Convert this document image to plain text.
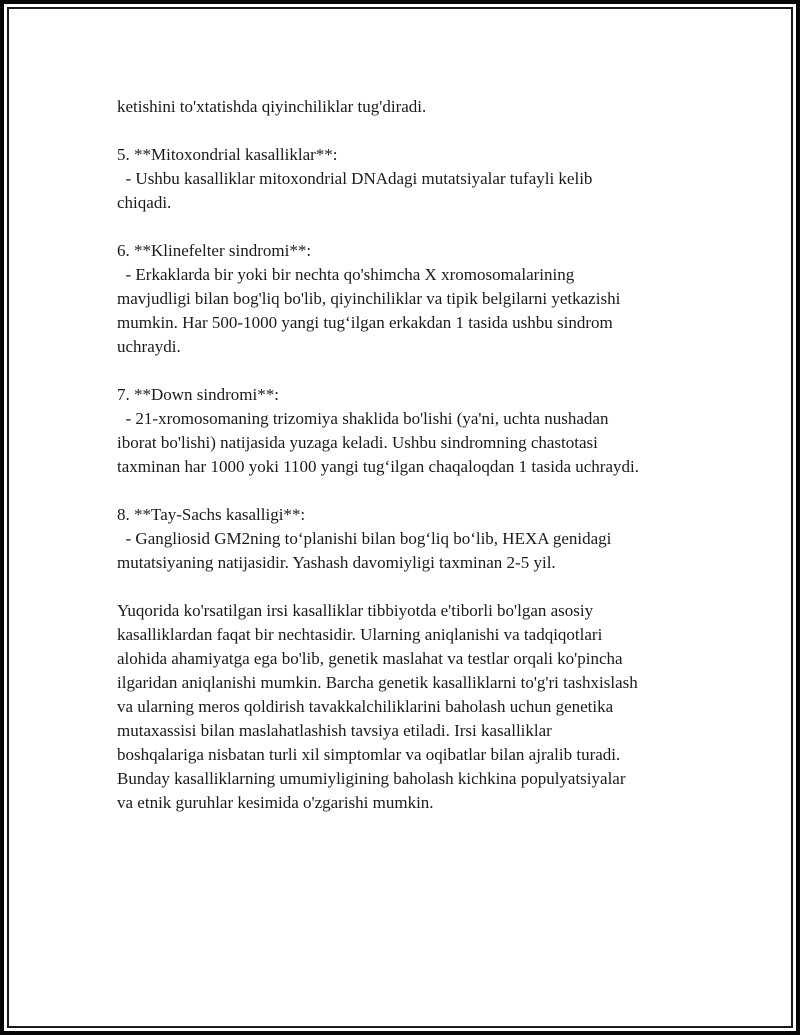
ketishini to'xtatishda qiyinchiliklar tug'diradi.
5. **Mitoxondrial kasalliklar**:
- Ushbu kasalliklar mitoxondrial DNAdagi mutatsiyalar tufayli kelib
chiqadi.
6. **Klinefelter sindromi**:
- Erkaklarda bir yoki bir nechta qo'shimcha X xromosomalarining
mavjudligi bilan bog'liq bo'lib, qiyinchiliklar va tipik belgilarni yetkazishi
mumkin. Har 500-1000 yangi tug‘ilgan erkakdan 1 tasida ushbu sindrom
uchraydi.
7. **Down sindromi**:
- 21-xromosomaning trizomiya shaklida bo'lishi (ya'ni, uchta nushadan
iborat bo'lishi) natijasida yuzaga keladi. Ushbu sindromning chastotasi
taxminan har 1000 yoki 1100 yangi tug‘ilgan chaqaloqdan 1 tasida uchraydi.
8. **Tay-Sachs kasalligi**:
- Gangliosid GM2ning to‘planishi bilan bog‘liq bo‘lib, HEXA genidagi
mutatsiyaning natijasidir. Yashash davomiyligi taxminan 2-5 yil.
Yuqorida ko'rsatilgan irsi kasalliklar tibbiyotda e'tiborli bo'lgan asosiy
kasalliklardan faqat bir nechtasidir. Ularning aniqlanishi va tadqiqotlari
alohida ahamiyatga ega bo'lib, genetik maslahat va testlar orqali ko'pincha
ilgaridan aniqlanishi mumkin. Barcha genetik kasalliklarni to'g'ri tashxislash
va ularning meros qoldirish tavakkalchiliklarini baholash uchun genetika
mutaxassisi bilan maslahatlashish tavsiya etiladi. Irsi kasalliklar
boshqalariga nisbatan turli xil simptomlar va oqibatlar bilan ajralib turadi.
Bunday kasalliklarning umumiyligining baholash kichkina populyatsiyalar
va etnik guruhlar kesimida o'zgarishi mumkin.
